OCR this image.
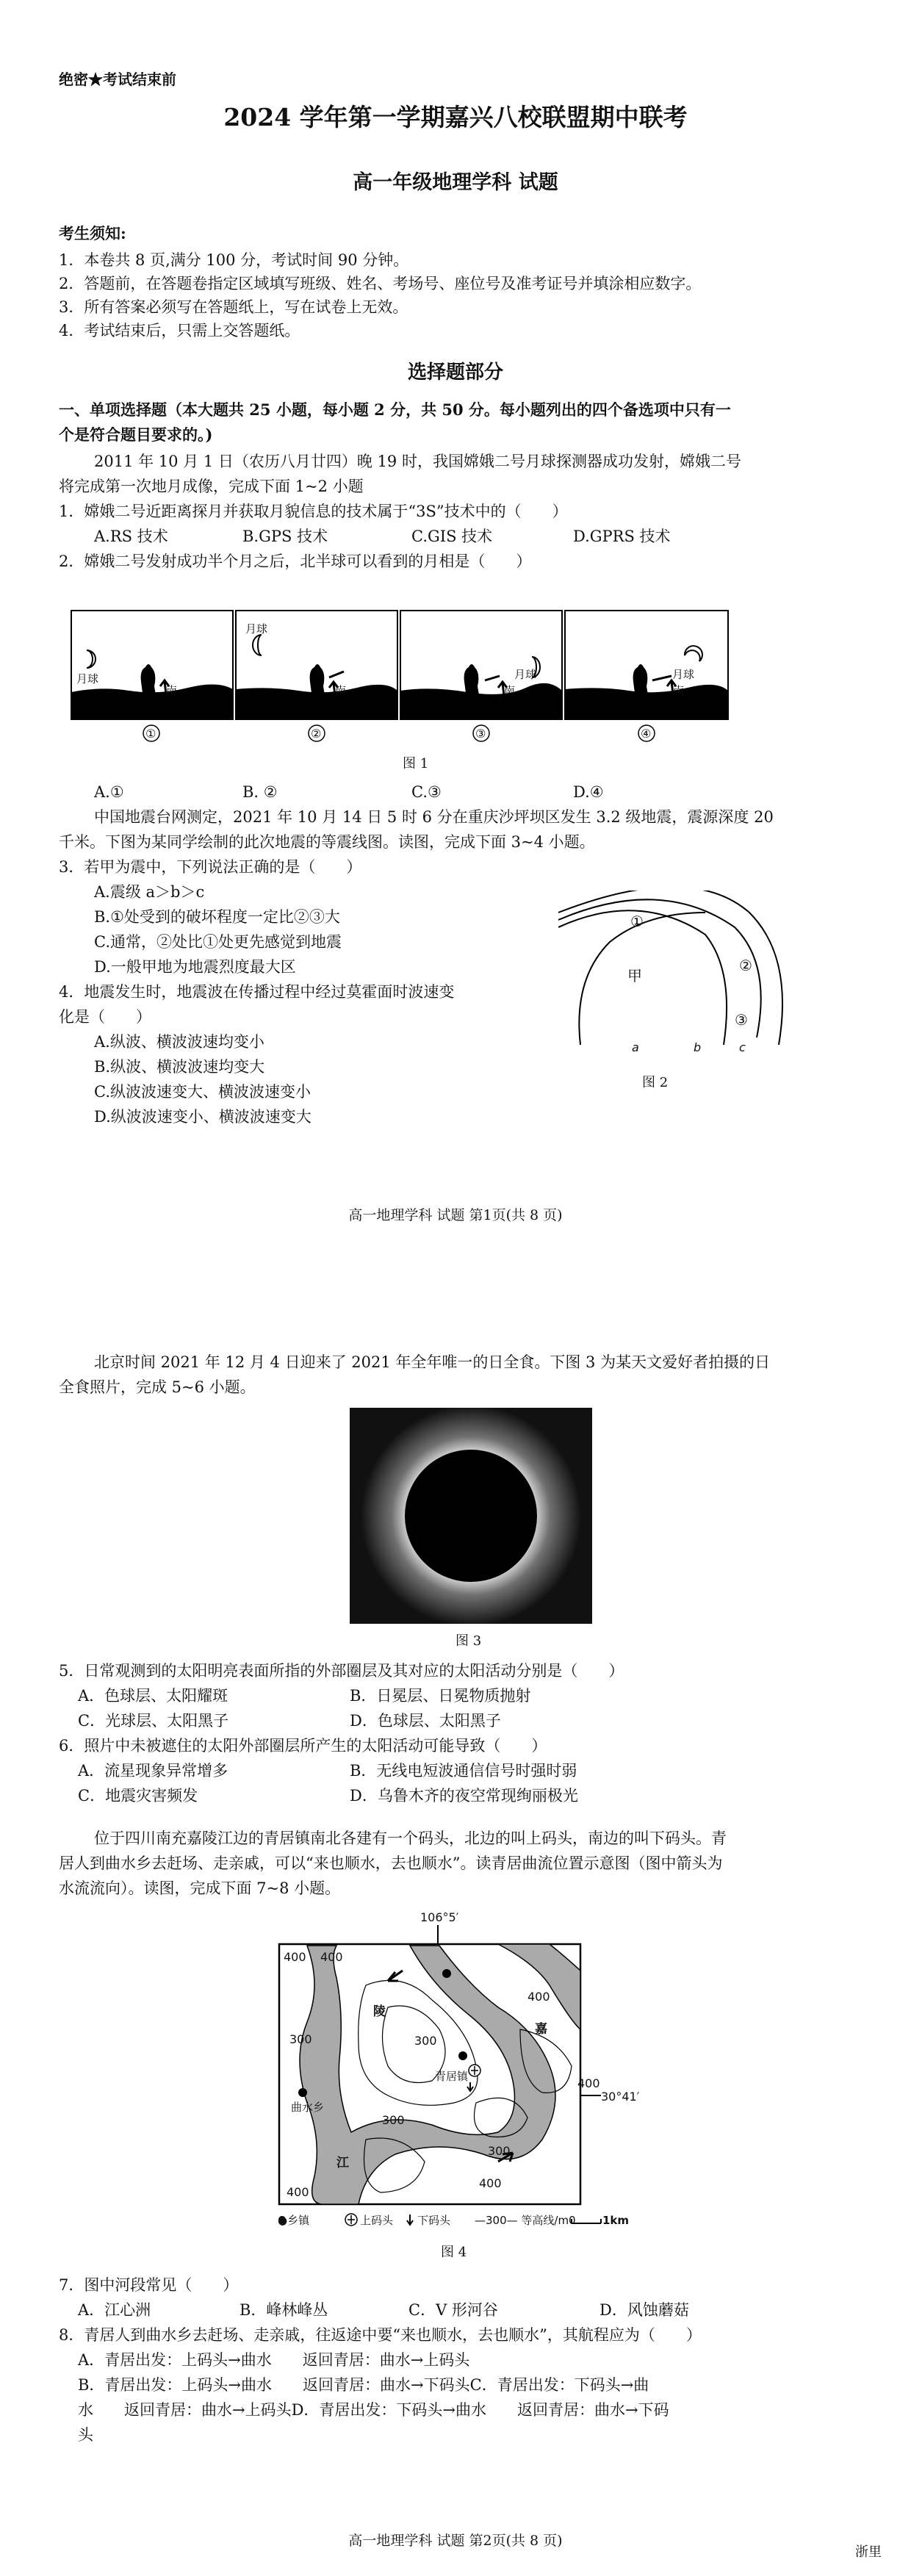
绝密★考试结束前
2024 学年第一学期嘉兴八校联盟期中联考
高一年级地理学科 试题
考生须知:
1．本卷共 8 页,满分 100 分，考试时间 90 分钟。
2．答题前，在答题卷指定区域填写班级、姓名、考场号、座位号及准考证号并填涂相应数字。
3．所有答案必须写在答题纸上，写在试卷上无效。
4．考试结束后，只需上交答题纸。
选择题部分
一、单项选择题（本大题共 25 小题，每小题 2 分，共 50 分。每小题列出的四个备选项中只有一
个是符合题目要求的。)
2011 年 10 月 1 日（农历八月廿四）晚 19 时，我国嫦娥二号月球探测器成功发射，嫦娥二号
将完成第一次地月成像，完成下面 1~2 小题
1．嫦娥二号近距离探月并获取月貌信息的技术属于“3S”技术中的（　　）
A.RS 技术	B.GPS 技术	C.GIS 技术	D.GPRS 技术
2．嫦娥二号发射成功半个月之后，北半球可以看到的月相是（　　）
月球
月球
月球	月球
南	南	南	南
①	②	③	④
图 1
A.①	B. ②	C.③	D.④
中国地震台网测定，2021 年 10 月 14 日 5 时 6 分在重庆沙坪坝区发生 3.2 级地震，震源深度 20
千米。下图为某同学绘制的此次地震的等震线图。读图，完成下面 3~4 小题。
3．若甲为震中，下列说法正确的是（　　）
A.震级 a＞b＞c
B.①处受到的破坏程度一定比②③大
C.通常，②处比①处更先感觉到地震
D.一般甲地为地震烈度最大区
4．地震发生时，地震波在传播过程中经过莫霍面时波速变
化是（　　）
A.纵波、横波波速均变小
B.纵波、横波波速均变大
C.纵波波速变大、横波波速变小
D.纵波波速变小、横波波速变大
①
②
③
甲
a	b	c
图 2
高一地理学科 试题 第1页(共 8 页)
北京时间 2021 年 12 月 4 日迎来了 2021 年全年唯一的日全食。下图 3 为某天文爱好者拍摄的日
全食照片，完成 5~6 小题。
图 3
5．日常观测到的太阳明亮表面所指的外部圈层及其对应的太阳活动分别是（　　）
A．色球层、太阳耀斑	B．日冕层、日冕物质抛射
C．光球层、太阳黑子	D．色球层、太阳黑子
6．照片中未被遮住的太阳外部圈层所产生的太阳活动可能导致（　　）
A．流星现象异常增多	B．无线电短波通信信号时强时弱
C．地震灾害频发	D．乌鲁木齐的夜空常现绚丽极光
位于四川南充嘉陵江边的青居镇南北各建有一个码头，北边的叫上码头，南边的叫下码头。青
居人到曲水乡去赶场、走亲戚，可以“来也顺水，去也顺水”。读青居曲流位置示意图（图中箭头为
水流流向）。读图，完成下面 7~8 小题。
106°5′
30°41′
400
300	300
300
300
400
400
400
400
400
陵
嘉
江
曲水乡
青居镇
●乡镇	上码头 下码头 —300— 等高线/m 0 1km
图 4
7．图中河段常见（　　）
A．江心洲	B．峰林峰丛	C．V 形河谷	D．风蚀蘑菇
8．青居人到曲水乡去赶场、走亲戚，往返途中要“来也顺水，去也顺水”，其航程应为（　　）
A．青居出发：上码头→曲水　　返回青居：曲水→上码头
B．青居出发：上码头→曲水　　返回青居：曲水→下码头C．青居出发：下码头→曲
水　　返回青居：曲水→上码头D．青居出发：下码头→曲水　　返回青居：曲水→下码
头
高一地理学科 试题 第2页(共 8 页)
浙里
